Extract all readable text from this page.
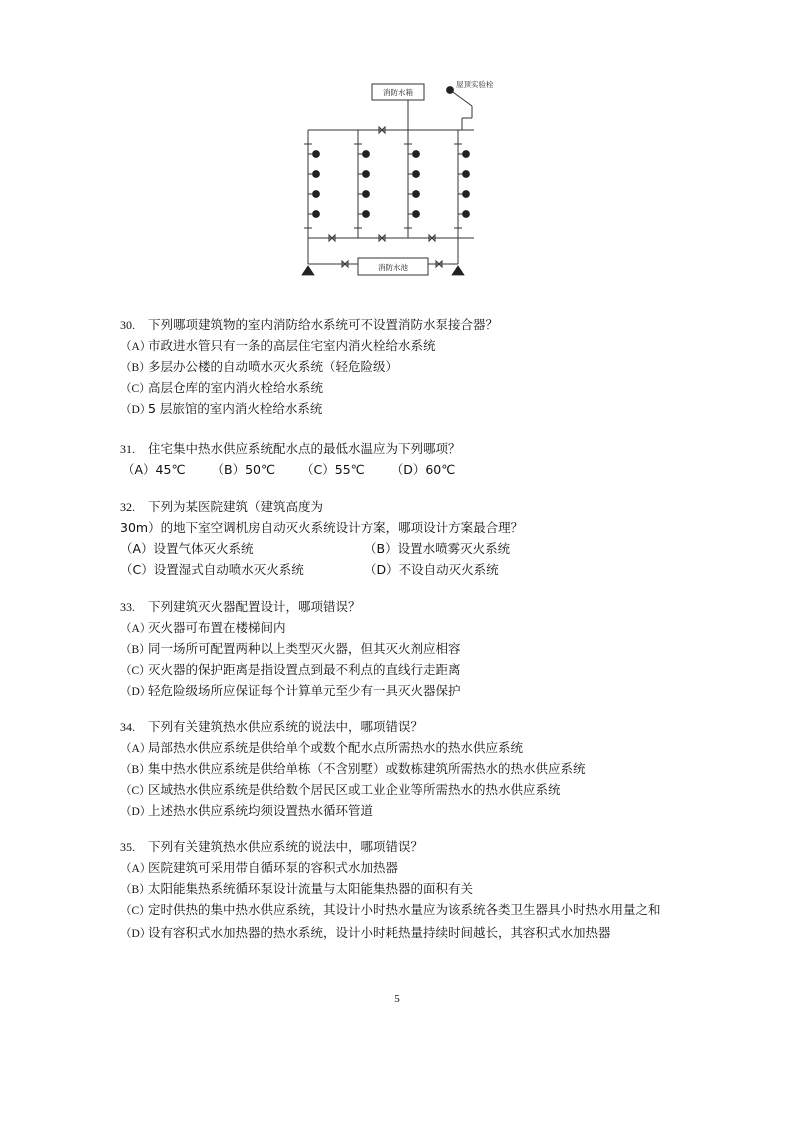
消防水箱
屋顶实验栓
消防水池
30. 下列哪项建筑物的室内消防给水系统可不设置消防水泵接合器？
（A）市政进水管只有一条的高层住宅室内消火栓给水系统
（B）多层办公楼的自动喷水灭火系统（轻危险级）
（C）高层仓库的室内消火栓给水系统
（D）5 层旅馆的室内消火栓给水系统
31. 住宅集中热水供应系统配水点的最低水温应为下列哪项？
（A）45℃ （B）50℃ （C）55℃ （D）60℃
32. 下列为某医院建筑（建筑高度为
30m）的地下室空调机房自动灭火系统设计方案，哪项设计方案最合理？
（A）设置气体灭火系统	（B）设置水喷雾灭火系统
（C）设置湿式自动喷水灭火系统	（D）不设自动灭火系统
33. 下列建筑灭火器配置设计，哪项错误？
（A）灭火器可布置在楼梯间内
（B）同一场所可配置两种以上类型灭火器，但其灭火剂应相容
（C）灭火器的保护距离是指设置点到最不利点的直线行走距离
（D）轻危险级场所应保证每个计算单元至少有一具灭火器保护
34. 下列有关建筑热水供应系统的说法中，哪项错误？
（A）局部热水供应系统是供给单个或数个配水点所需热水的热水供应系统
（B）集中热水供应系统是供给单栋（不含别墅）或数栋建筑所需热水的热水供应系统
（C）区域热水供应系统是供给数个居民区或工业企业等所需热水的热水供应系统
（D）上述热水供应系统均须设置热水循环管道
35. 下列有关建筑热水供应系统的说法中，哪项错误？
（A）医院建筑可采用带自循环泵的容积式水加热器
（B）太阳能集热系统循环泵设计流量与太阳能集热器的面积有关
（C）定时供热的集中热水供应系统，其设计小时热水量应为该系统各类卫生器具小时热水用量之和
（D）设有容积式水加热器的热水系统，设计小时耗热量持续时间越长，其容积式水加热器
5
